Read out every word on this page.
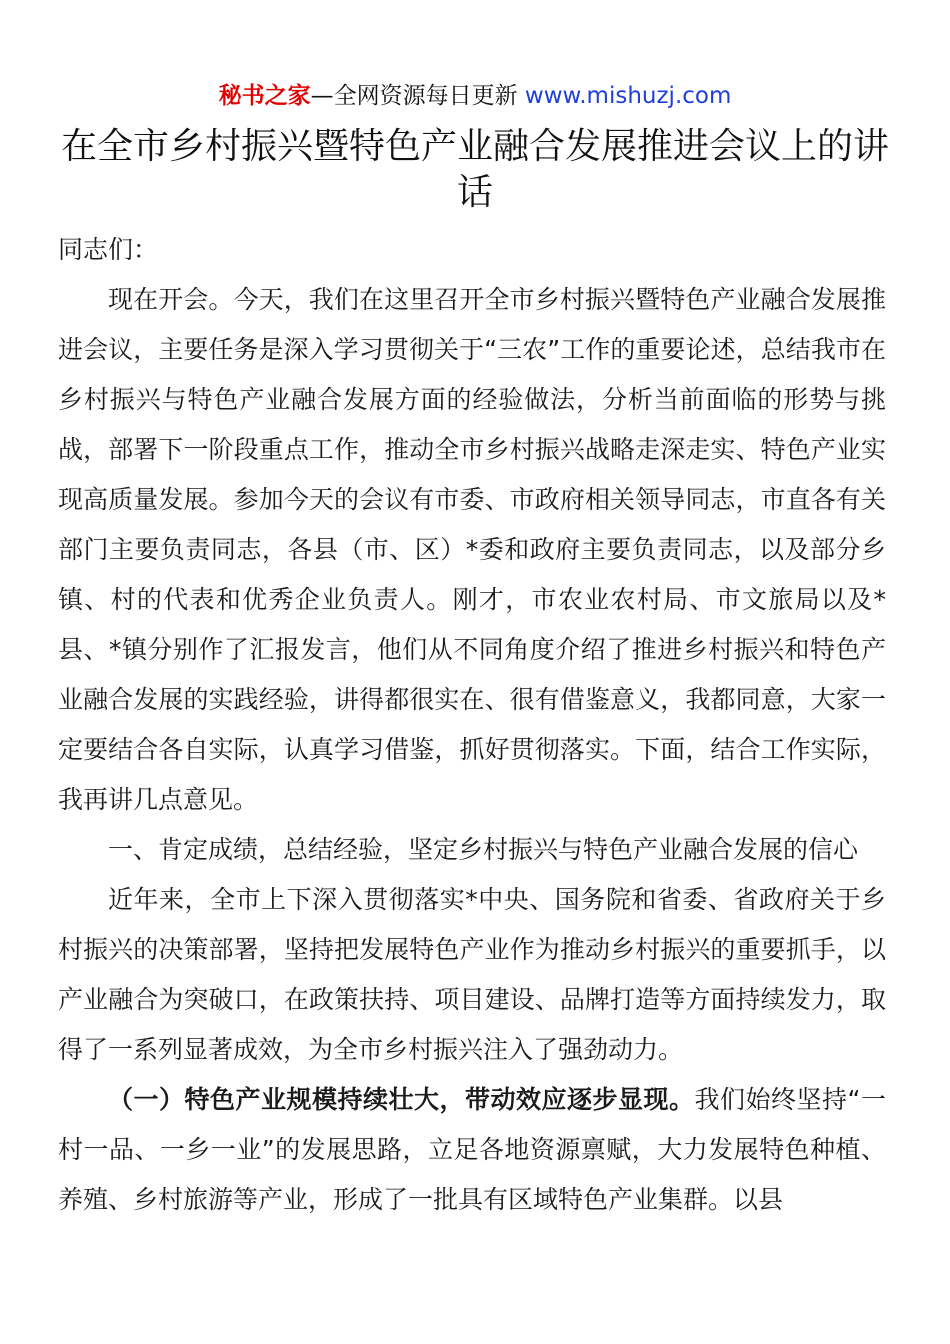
秘书之家—全网资源每日更新 www.mishuzj.com
在全市乡村振兴暨特色产业融合发展推进会议上的讲话

同志们：

现在开会。今天，我们在这里召开全市乡村振兴暨特色产业融合发展推进会议，主要任务是深入学习贯彻关于“三农”工作的重要论述，总结我市在乡村振兴与特色产业融合发展方面的经验做法，分析当前面临的形势与挑战，部署下一阶段重点工作，推动全市乡村振兴战略走深走实、特色产业实现高质量发展。参加今天的会议有市委、市政府相关领导同志，市直各有关部门主要负责同志，各县（市、区）*委和政府主要负责同志，以及部分乡镇、村的代表和优秀企业负责人。刚才，市农业农村局、市文旅局以及*县、*镇分别作了汇报发言，他们从不同角度介绍了推进乡村振兴和特色产业融合发展的实践经验，讲得都很实在、很有借鉴意义，我都同意，大家一定要结合各自实际，认真学习借鉴，抓好贯彻落实。下面，结合工作实际，我再讲几点意见。

一、肯定成绩，总结经验，坚定乡村振兴与特色产业融合发展的信心

近年来，全市上下深入贯彻落实*中央、国务院和省委、省政府关于乡村振兴的决策部署，坚持把发展特色产业作为推动乡村振兴的重要抓手，以产业融合为突破口，在政策扶持、项目建设、品牌打造等方面持续发力，取得了一系列显著成效，为全市乡村振兴注入了强劲动力。

（一）特色产业规模持续壮大，带动效应逐步显现。我们始终坚持“一村一品、一乡一业”的发展思路，立足各地资源禀赋，大力发展特色种植、养殖、乡村旅游等产业，形成了一批具有区域特色产业集群。以县
